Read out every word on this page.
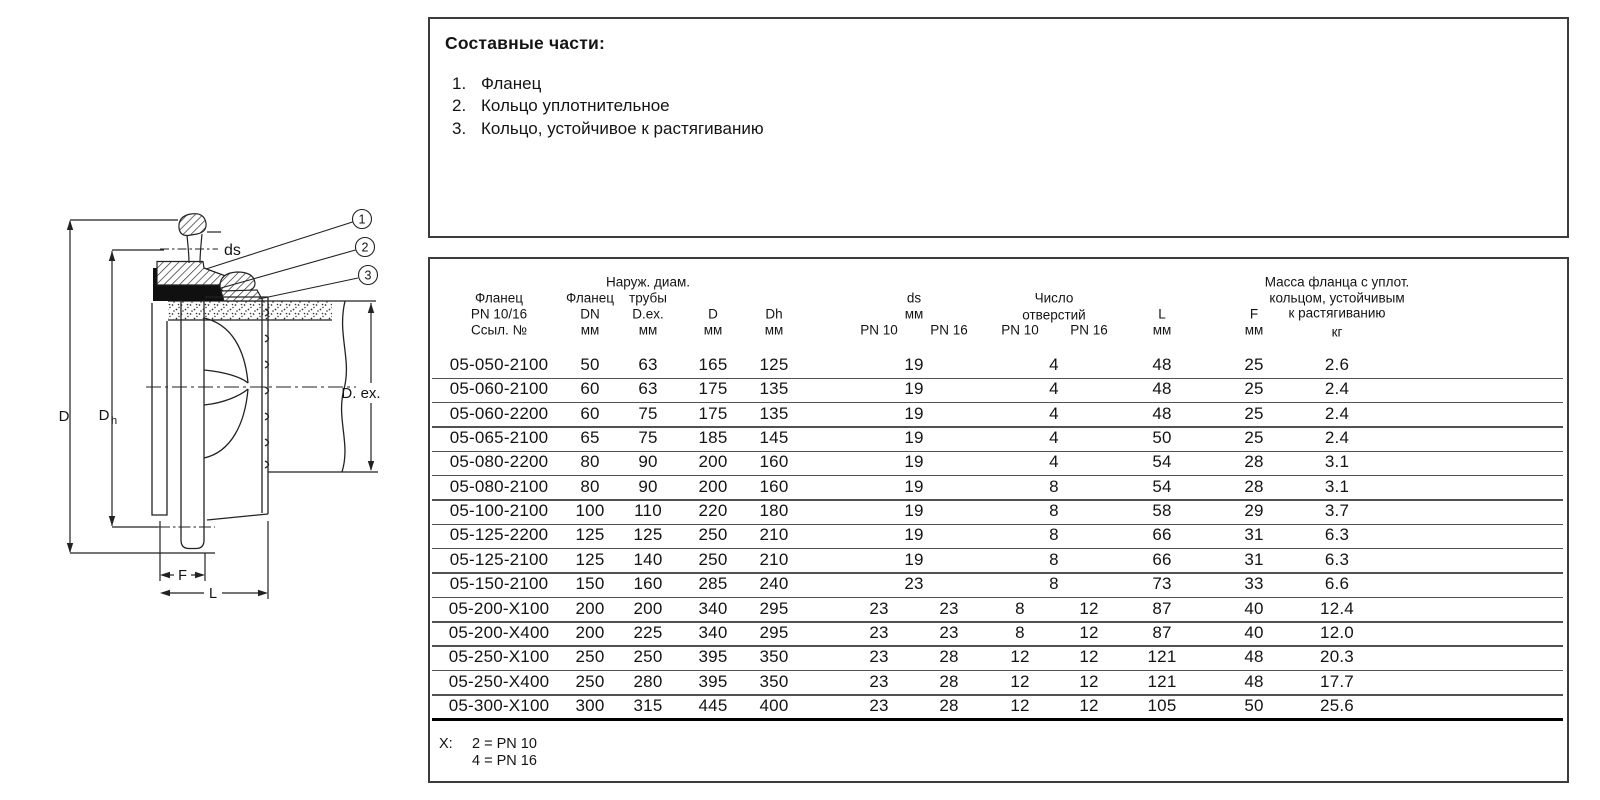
D D h
ds
1
2
3
D. ex.
F
L
Составные части:
1. Фланец
2. Кольцо уплотнительное
3. Кольцо, устойчивое к растягиванию
Фланец
PN 10/16
Ссыл. №
Фланец
DN
мм
Наруж. диам.
трубы
D.ex.
мм
D
мм
Dh
мм
L
мм
F
мм
Масса фланца с уплот.
кольцом, устойчивым
к растягиванию
кг
ds
мм
PN 10 PN 16
Число
отверстий
PN 10 PN 16
05-050-2100 50 63 165 125	19	4	48	25	2.6
05-060-2100 60 63 175 135	19	4	48	25	2.4
05-060-2200 60 75 175 135	19	4	48	25	2.4
05-065-2100 65 75 185 145	19	4	50	25	2.4
05-080-2200 80 90 200 160	19	4	54	28	3.1
05-080-2100 80 90 200 160	19	8	54	28	3.1
05-100-2100 100 110 220 180	19	8	58	29	3.7
05-125-2200 125 125 250 210	19	8	66	31	6.3
05-125-2100 125 140 250 210	19	8	66	31	6.3
05-150-2100 150 160 285 240	23	8	73	33	6.6
05-200-X100 200 200 340 295	23	23	8	12	87	40	12.4
05-200-X400 200 225 340 295	23	23	8	12	87	40	12.0
05-250-X100 250 250 395 350	23	28	12	12	121	48	20.3
05-250-X400 250 280 395 350	23	28	12	12	121	48	17.7
05-300-X100 300 315 445 400	23	28	12	12	105	50	25.6
X: 2 = PN 10
4 = PN 16
